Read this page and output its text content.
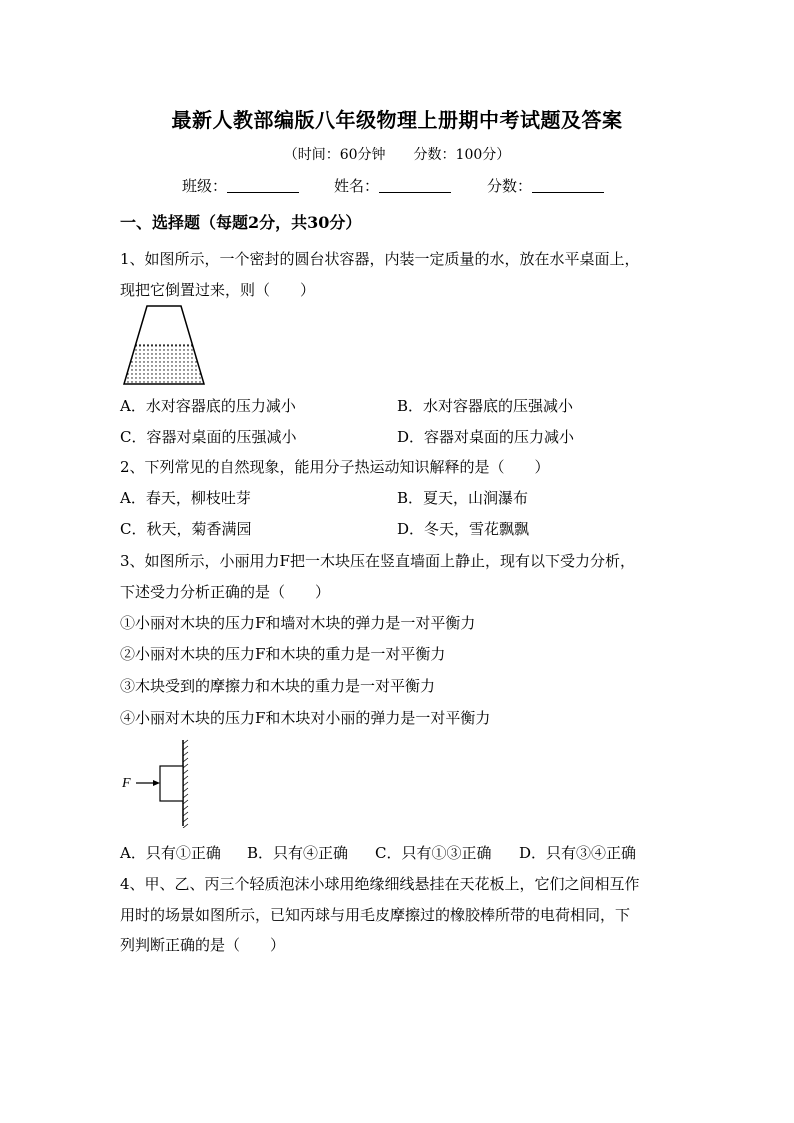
最新人教部编版八年级物理上册期中考试题及答案
（时间：60分钟　　分数：100分）
班级：	姓名：	分数：
一、选择题（每题2分，共30分）
1、如图所示，一个密封的圆台状容器，内装一定质量的水，放在水平桌面上，
现把它倒置过来，则（　　）
A．水对容器底的压力减小	B．水对容器底的压强减小
C．容器对桌面的压强减小	D．容器对桌面的压力减小
2、下列常见的自然现象，能用分子热运动知识解释的是（　　）
A．春天，柳枝吐芽	B．夏天，山涧瀑布
C．秋天，菊香满园	D．冬天，雪花飘飘
3、如图所示，小丽用力F把一木块压在竖直墙面上静止，现有以下受力分析，
下述受力分析正确的是（　　）
①小丽对木块的压力F和墙对木块的弹力是一对平衡力
②小丽对木块的压力F和木块的重力是一对平衡力
③木块受到的摩擦力和木块的重力是一对平衡力
④小丽对木块的压力F和木块对小丽的弹力是一对平衡力
F
A．只有①正确 B．只有④正确 C．只有①③正确 D．只有③④正确
4、甲、乙、丙三个轻质泡沫小球用绝缘细线悬挂在天花板上，它们之间相互作
用时的场景如图所示，已知丙球与用毛皮摩擦过的橡胶棒所带的电荷相同，下
列判断正确的是（　　）
